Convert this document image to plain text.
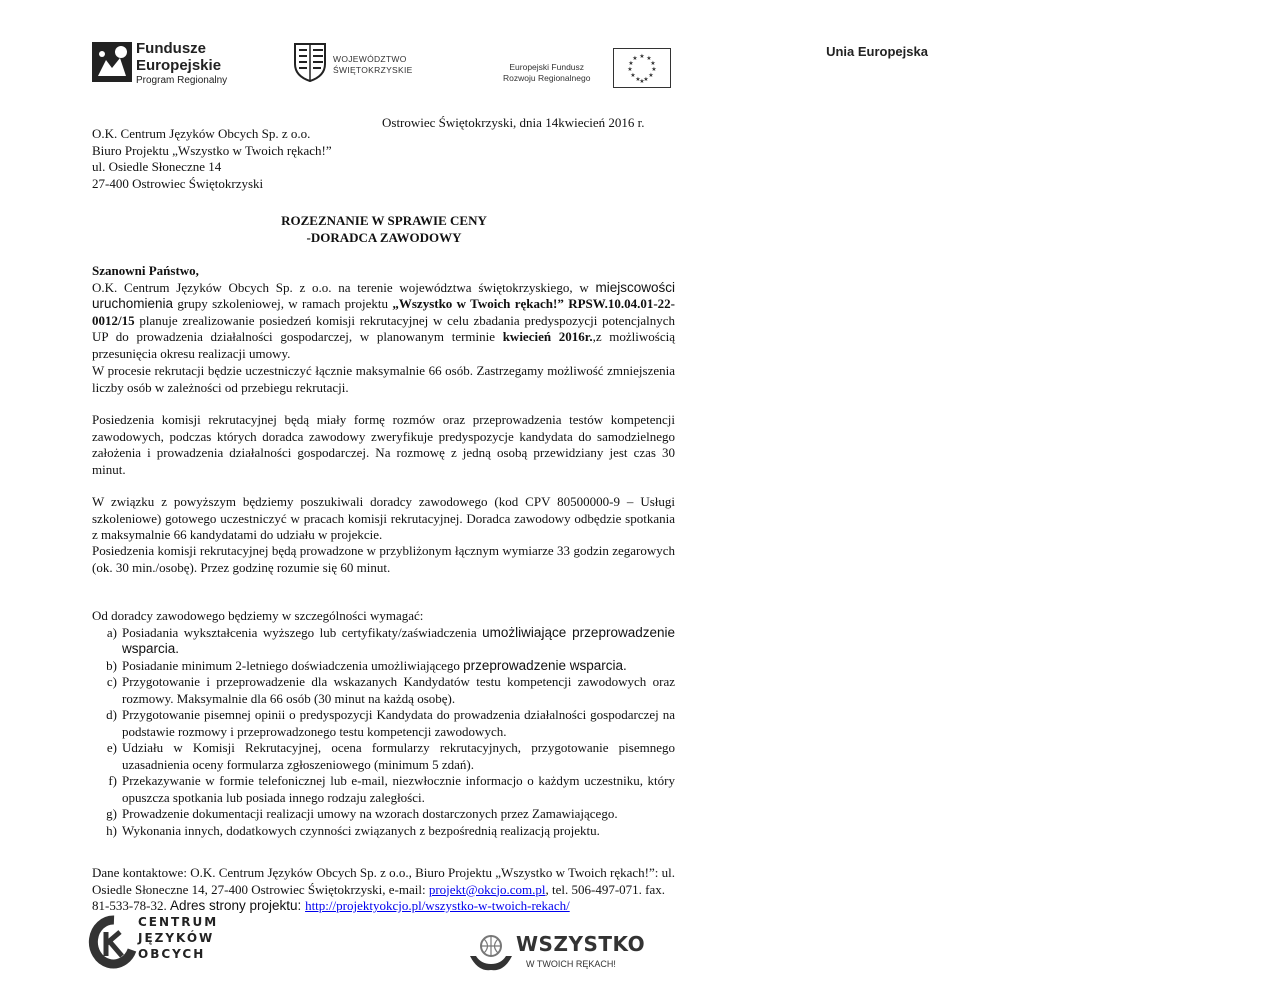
Fundusze
Europejskie
Program Regionalny
WOJEWÓDZTWO
ŚWIĘTOKRZYSKIE
Unia Europejska
Europejski Fundusz
Rozwoju Regionalnego
★ ★
★
★
★
★
★
★
★
★
★
★
Ostrowiec Świętokrzyski, dnia 14kwiecień 2016 r.
O.K. Centrum Języków Obcych Sp. z o.o.
Biuro Projektu „Wszystko w Twoich rękach!”
ul. Osiedle Słoneczne 14
27-400 Ostrowiec Świętokrzyski
ROZEZNANIE W SPRAWIE CENY
-DORADCA ZAWODOWY

Szanowni Państwo,

O.K. Centrum Języków Obcych Sp. z o.o. na terenie województwa świętokrzyskiego, w miejscowości uruchomienia grupy szkoleniowej, w ramach projektu „Wszystko w Twoich rękach!” RPSW.10.04.01-22-0012/15 planuje zrealizowanie posiedzeń komisji rekrutacyjnej w celu zbadania predyspozycji potencjalnych UP do prowadzenia działalności gospodarczej, w planowanym terminie kwiecień 2016r.,z możliwością przesunięcia okresu realizacji umowy.

W procesie rekrutacji będzie uczestniczyć łącznie maksymalnie 66 osób. Zastrzegamy możliwość zmniejszenia liczby osób w zależności od przebiegu rekrutacji.
Posiedzenia komisji rekrutacyjnej będą miały formę rozmów oraz przeprowadzenia testów kompetencji zawodowych, podczas których doradca zawodowy zweryfikuje predyspozycje kandydata do samodzielnego założenia i prowadzenia działalności gospodarczej. Na rozmowę z jedną osobą przewidziany jest czas 30 minut.
W związku z powyższym będziemy poszukiwali doradcy zawodowego (kod CPV 80500000-9 – Usługi szkoleniowe) gotowego uczestniczyć w pracach komisji rekrutacyjnej. Doradca zawodowy odbędzie spotkania z maksymalnie 66 kandydatami do udziału w projekcie.
Posiedzenia komisji rekrutacyjnej będą prowadzone w przybliżonym łącznym wymiarze 33 godzin zegarowych (ok. 30 min./osobę). Przez godzinę rozumie się 60 minut.
Od doradcy zawodowego będziemy w szczególności wymagać:
a) Posiadania wykształcenia wyższego lub certyfikaty/zaświadczenia umożliwiające przeprowadzenie wsparcia.
b) Posiadanie minimum 2-letniego doświadczenia umożliwiającego przeprowadzenie wsparcia.
c) Przygotowanie i przeprowadzenie dla wskazanych Kandydatów testu kompetencji zawodowych oraz rozmowy. Maksymalnie dla 66 osób (30 minut na każdą osobę).
d) Przygotowanie pisemnej opinii o predyspozycji Kandydata do prowadzenia działalności gospodarczej na podstawie rozmowy i przeprowadzonego testu kompetencji zawodowych.
e) Udziału w Komisji Rekrutacyjnej, ocena formularzy rekrutacyjnych, przygotowanie pisemnego uzasadnienia oceny formularza zgłoszeniowego (minimum 5 zdań).
f) Przekazywanie w formie telefonicznej lub e-mail, niezwłocznie informacjo o każdym uczestniku, który opuszcza spotkania lub posiada innego rodzaju zaległości.
g) Prowadzenie dokumentacji realizacji umowy na wzorach dostarczonych przez Zamawiającego.
h) Wykonania innych, dodatkowych czynności związanych z bezpośrednią realizacją projektu.
Dane kontaktowe: O.K. Centrum Języków Obcych Sp. z o.o., Biuro Projektu „Wszystko w Twoich rękach!”: ul. Osiedle Słoneczne 14, 27-400 Ostrowiec Świętokrzyski, e-mail: projekt@okcjo.com.pl, tel. 506-497-071. fax. 81-533-78-32. Adres strony projektu: http://projektyokcjo.pl/wszystko-w-twoich-rekach/
CENTRUM
JĘZYKÓW
OBCYCH	WSZYSTKO
W TWOICH RĘKACH!
